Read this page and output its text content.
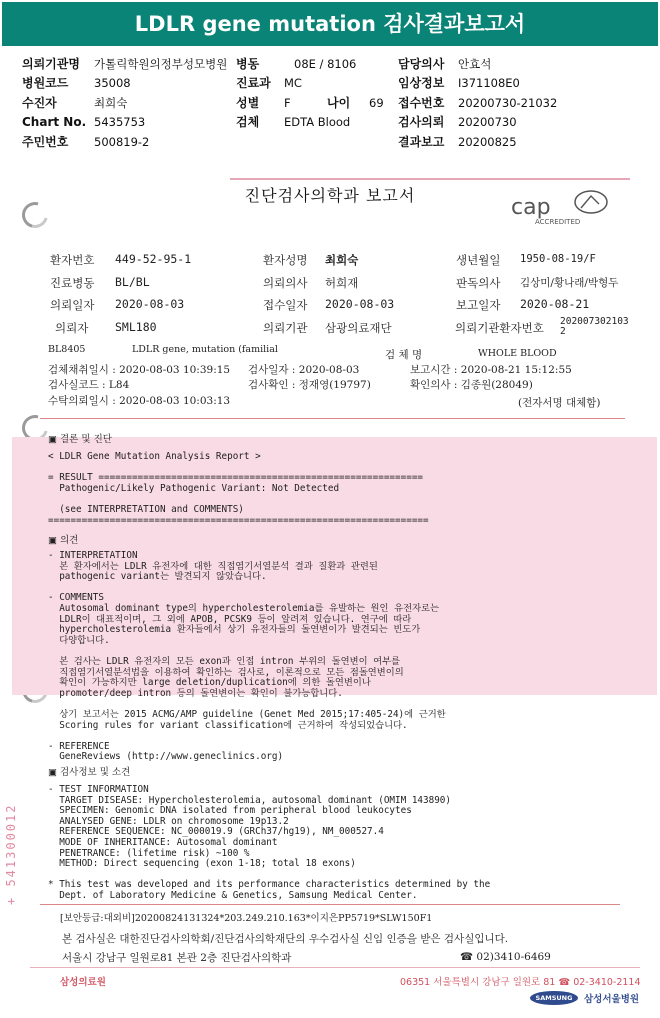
LDLR gene mutation 검사결과보고서
의뢰기관명 가톨릭학원의정부성모병원 병동	08E / 8106	담당의사 안효석
병원코드 35008	진료과 MC	임상정보 I371108E0
수진자	최희숙	성별 F	나이 69 접수번호 20200730-21032
Chart No. 5435753	검체 EDTA Blood	검사의뢰 20200730
주민번호 500819-2	결과보고 20200825
진단검사의학과 보고서	cap
ACCREDITED
환자번호 449-52-95-1	환자성명 최희숙	생년월일 1950-08-19/F
진료병동 BL/BL	의뢰의사 허희재	판독의사 김상미/황나래/박형두
의뢰일자 2020-08-03	접수일자 2020-08-03	보고일자 2020-08-21
의뢰자 SML180	의뢰기관 삼광의료재단	의뢰기관환자번호 202007302103
2
BL8405	LDLR gene, mutation (familial	검 체 명	WHOLE BLOOD
검체채취일시 : 2020-08-03 10:39:15 검사일자 : 2020-08-03	보고시간 : 2020-08-21 15:12:55
검사실코드 : L84	검사확인 : 정재영(19797)	확인의사 : 김종원(28049)
수탁의뢰일시 : 2020-08-03 10:03:13	(전자서명 대체함)
▣ 결론 및 진단
< LDLR Gene Mutation Analysis Report >

= RESULT ==========================================================
Pathogenic/Likely Pathogenic Variant: Not Detected

(see INTERPRETATION and COMMENTS)
====================================================================
▣ 의견
- INTERPRETATION
본 환자에서는 LDLR 유전자에 대한 직접염기서열분석 결과 질환과 관련된
pathogenic variant는 발견되지 않았습니다.

- COMMENTS
Autosomal dominant type의 hypercholesterolemia를 유발하는 원인 유전자로는
LDLR이 대표적이며, 그 외에 APOB, PCSK9 등이 알려져 있습니다. 연구에 따라
hypercholesterolemia 환자들에서 상기 유전자들의 돌연변이가 발견되는 빈도가
다양합니다.

본 검사는 LDLR 유전자의 모든 exon과 인접 intron 부위의 돌연변이 여부를
직접염기서열분석법을 이용하여 확인하는 검사로, 이론적으로 모든 점돌연변이의
확인이 가능하지만 large deletion/duplication에 의한 돌연변이나
promoter/deep intron 등의 돌연변이는 확인이 불가능합니다.

상기 보고서는 2015 ACMG/AMP guideline (Genet Med 2015;17:405-24)에 근거한
Scoring rules for variant classification에 근거하여 작성되었습니다.

- REFERENCE
GeneReviews (http://www.geneclinics.org)
▣ 검사정보 및 소견
- TEST INFORMATION
TARGET DISEASE: Hypercholesterolemia, autosomal dominant (OMIM 143890)
SPECIMEN: Genomic DNA isolated from peripheral blood leukocytes
ANALYSED GENE: LDLR on chromosome 19p13.2
REFERENCE SEQUENCE: NC_000019.9 (GRCh37/hg19), NM_000527.4
MODE OF INHERITANCE: Autosomal dominant
PENETRANCE: (lifetime risk) ~100 %
METHOD: Direct sequencing (exon 1-18; total 18 exons)

* This test was developed and its performance characteristics determined by the
Dept. of Laboratory Medicine & Genetics, Samsung Medical Center.
+ 541300012
[보안등급:대외비]20200824131324*203.249.210.163*이지은PP5719*SLW150F1
본 검사실은 대한진단검사의학회/진단검사의학재단의 우수검사실 신임 인증을 받은 검사실입니다.
서울시 강남구 일원로81 본관 2층 진단검사의학과	☎ 02)3410-6469
삼성의료원	06351 서울특별시 강남구 일원로 81 ☎ 02-3410-2114
SAMSUNG	삼성서울병원
